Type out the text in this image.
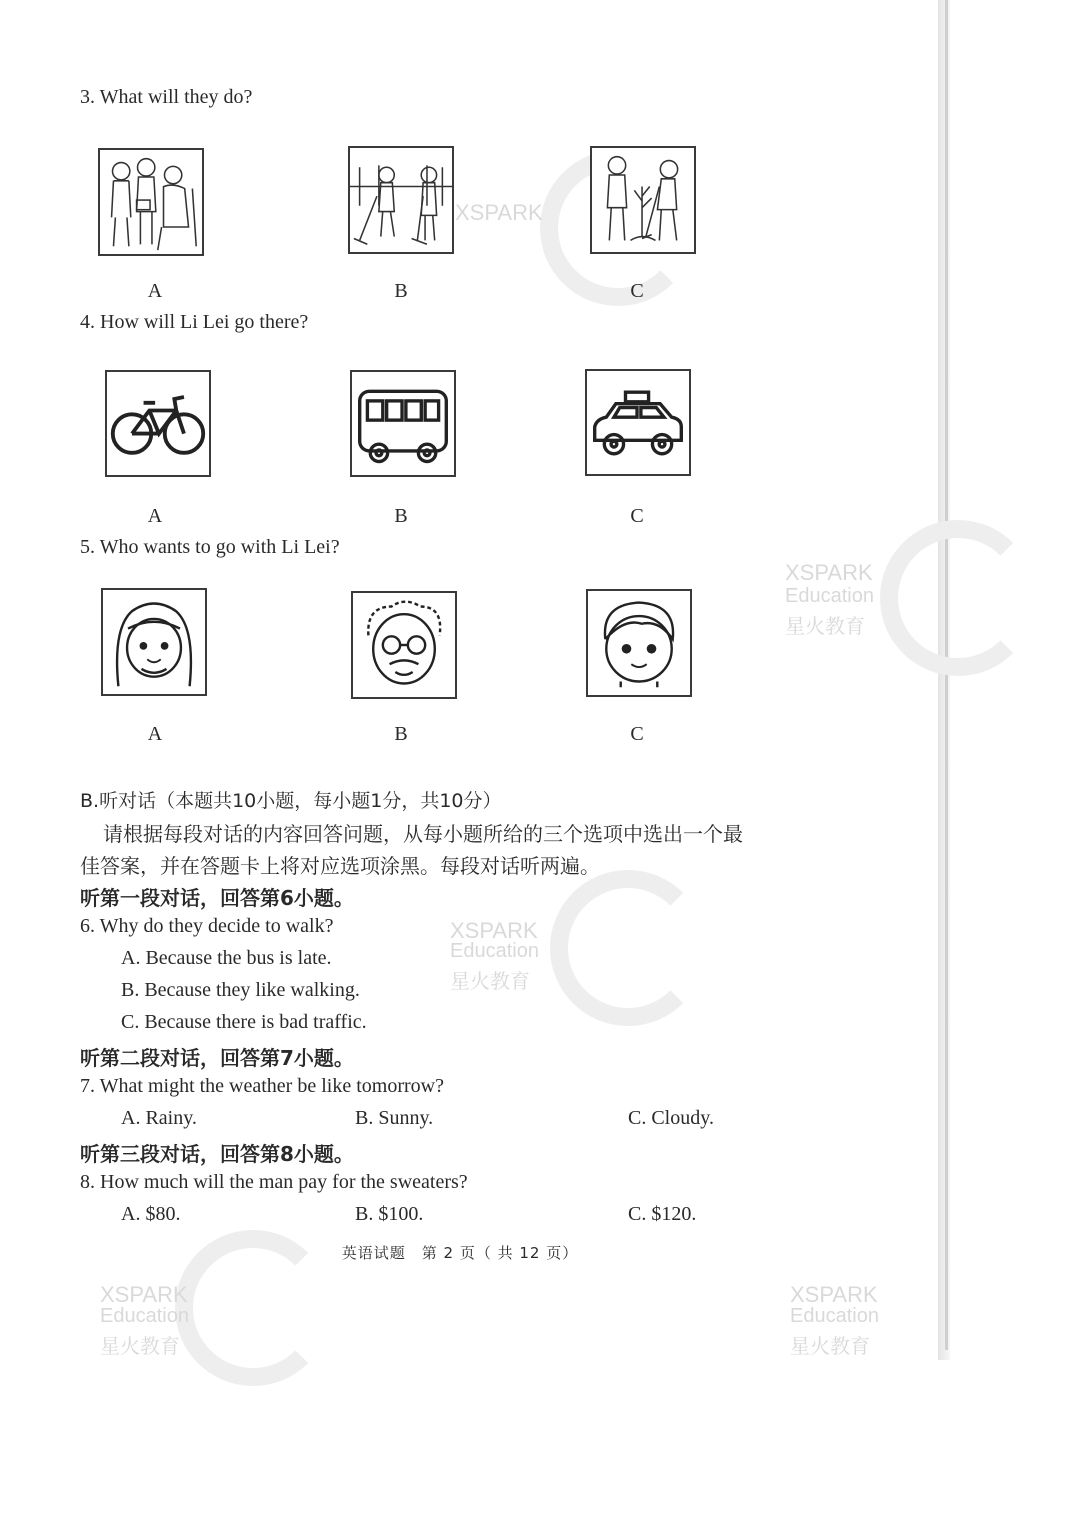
XSPARK
XSPARK
Education
星火教育
XSPARK
Education
星火教育
XSPARK
Education
星火教育
XSPARK
Education
星火教育
3. What will they do?
A	B	C
4. How will Li Lei go there?
A	B	C
5. Who wants to go with Li Lei?
A	B	C
B.听对话（本题共10小题，每小题1分，共10分）
请根据每段对话的内容回答问题，从每小题所给的三个选项中选出一个最
佳答案，并在答题卡上将对应选项涂黑。每段对话听两遍。
听第一段对话，回答第6小题。
6. Why do they decide to walk?
A. Because the bus is late.
B. Because they like walking.
C. Because there is bad traffic.
听第二段对话，回答第7小题。
7. What might the weather be like tomorrow?
A. Rainy.	B. Sunny.	C. Cloudy.
听第三段对话，回答第8小题。
8. How much will the man pay for the sweaters?
A. $80.	B. $100.	C. $120.
英语试题　第 2 页（ 共 12 页）
